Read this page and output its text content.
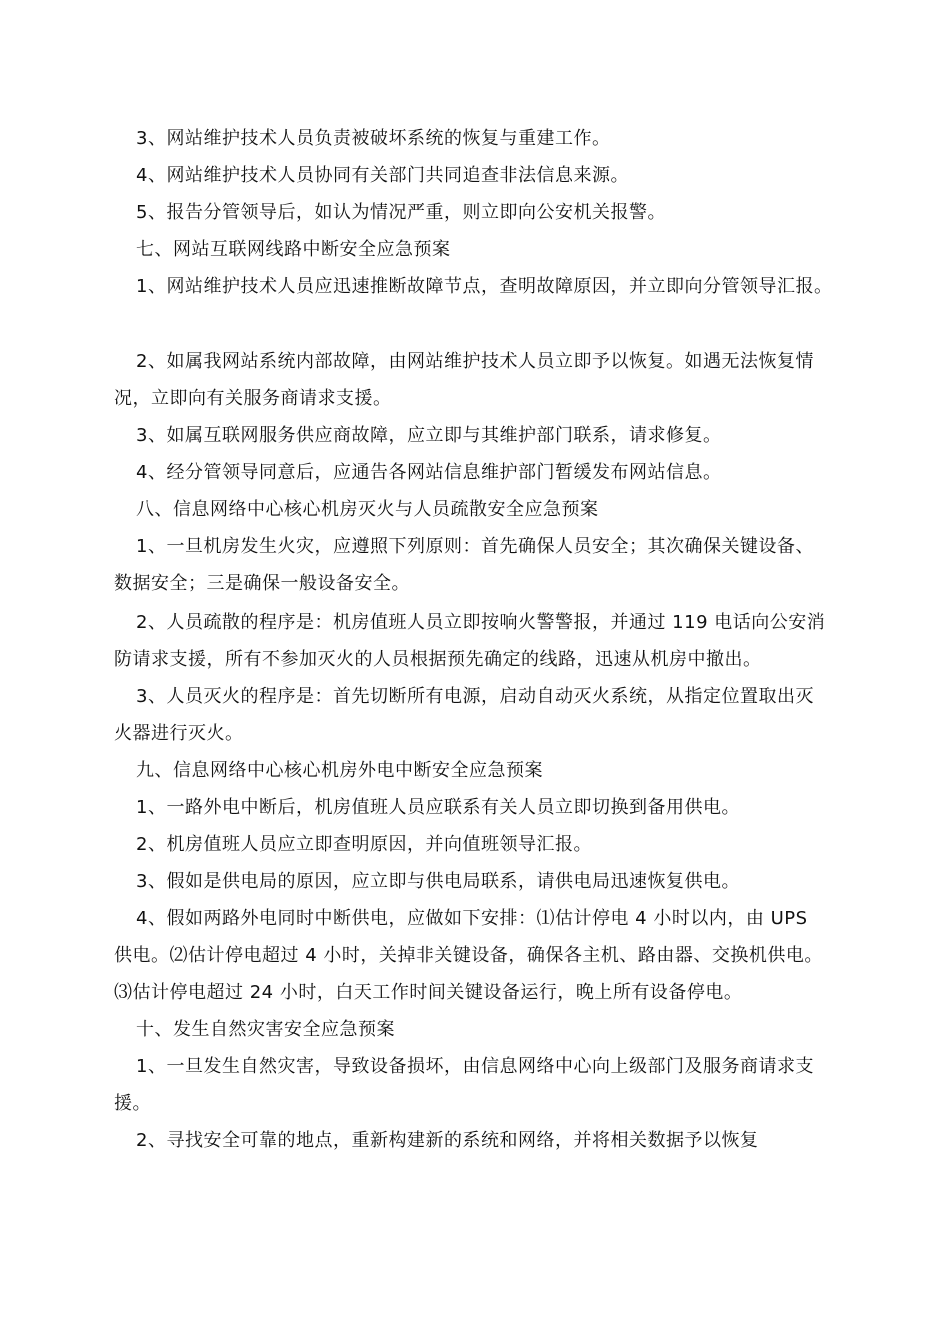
3、网站维护技术人员负责被破坏系统的恢复与重建工作。
4、网站维护技术人员协同有关部门共同追查非法信息来源。
5、报告分管领导后，如认为情况严重，则立即向公安机关报警。
七、网站互联网线路中断安全应急预案
1、网站维护技术人员应迅速推断故障节点，查明故障原因，并立即向分管领导汇报。
2、如属我网站系统内部故障，由网站维护技术人员立即予以恢复。如遇无法恢复情
况，立即向有关服务商请求支援。
3、如属互联网服务供应商故障，应立即与其维护部门联系，请求修复。
4、经分管领导同意后，应通告各网站信息维护部门暂缓发布网站信息。
八、信息网络中心核心机房灭火与人员疏散安全应急预案
1、一旦机房发生火灾，应遵照下列原则：首先确保人员安全；其次确保关键设备、
数据安全；三是确保一般设备安全。
2、人员疏散的程序是：机房值班人员立即按响火警警报，并通过 119 电话向公安消
防请求支援，所有不参加灭火的人员根据预先确定的线路，迅速从机房中撤出。
3、人员灭火的程序是：首先切断所有电源，启动自动灭火系统，从指定位置取出灭
火器进行灭火。
九、信息网络中心核心机房外电中断安全应急预案
1、一路外电中断后，机房值班人员应联系有关人员立即切换到备用供电。
2、机房值班人员应立即查明原因，并向值班领导汇报。
3、假如是供电局的原因，应立即与供电局联系，请供电局迅速恢复供电。
4、假如两路外电同时中断供电，应做如下安排：⑴估计停电 4 小时以内，由 UPS
供电。⑵估计停电超过 4 小时，关掉非关键设备，确保各主机、路由器、交换机供电。
⑶估计停电超过 24 小时，白天工作时间关键设备运行，晚上所有设备停电。
十、发生自然灾害安全应急预案
1、一旦发生自然灾害，导致设备损坏，由信息网络中心向上级部门及服务商请求支
援。
2、寻找安全可靠的地点，重新构建新的系统和网络，并将相关数据予以恢复
